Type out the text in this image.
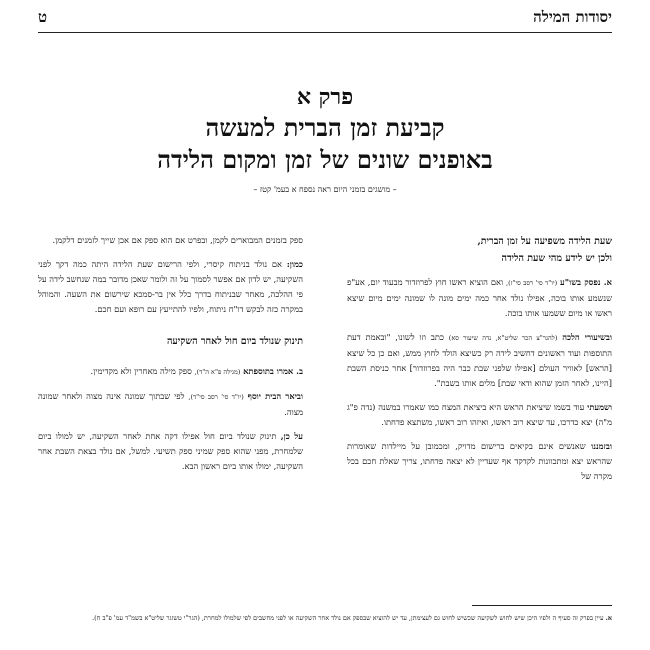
יסודות המילה
ט
פרק א
קביעת זמן הברית למעשה
באופנים שונים של זמן ומקום הלידה
– מושגים בזמני היום ראה נספח א בעמ' קטז –
שעת הלידה משפיעה על זמן הברית,
ולכן יש לידע מהי שעת הלידה

א. נפסק בשו"ע (יו"ד סי' רסב סי"ז), ואם הוציא ראשו חוץ לפרוזדור מבעוד יום, אע"פ שנשמע אותו בוכה, אפילו נולד אחר כמה ימים מונה לו שמונה ימים מיום שיצא ראשו או מיום ששמעו אותו בוכה.

ובשיעורי הלכה (להגר"צ הכר שליט"א, נדה שיעור סא) כתב וזו לשונו, "ובאמת דעת התוספות ועוד ראשונים דחשיב לידה רק כשיצא הולד לחוץ ממש, ואם כן כל שיצא [הראש] לאוויר העולם [אפילו שלפני שבת כבר היה בפרוזדור] אחר כניסת השבת [היינו, לאחר הזמן שהוא ודאי שבת] מלים אותו בשבת".

ושמעתי עוד בשמו שיציאת הראש היא ביציאת המצח כמו שאמרו במשנה (נדה פ"ג מ"ה) יצא כדרכו, עד שיצא רוב ראשו, ואיזהו רוב ראשו, משתצא פדחתו.

ובזמננו שאנשים אינם בקיאים ברישום מדויק, ומכמובן על מיילדות שאומרות שהראש יצא ומתכוונות לקדקד אף שעדיין לא יצאה פדחתו, צריך שאלת חכם בכל מקרה של

ספק בזמנים המבוארים לקמן, ובפרט אם הוא ספק אם אכן שייך לזמנים דלקמן.

כמון: אם נולד בניתוח קיסרי, ולפי הרישום שעת הלידה היתה כמה דקך לפני השקיעה, יש לדון אם אפשר לסמוך על זה ולומר שאכן מדובר במה שנחשב לידה על פי ההלכה, מאחר שבניתוח בדרך כלל אין בר-סמכא שירשום את השעה. והמוהל במקרה כזה לבקש דו"ח ניתוח, ולפיו להתייעץ עם רופא ועם חכם.

תינוק שנולד ביום חול לאחר השקיעה

ב. אמרו בתוספתא (מגילה פ"א ה"ד), ספק מילה מאחרין ולא מקדימין.

וביאר הבית יוסף (יו"ד סי' רסב סי"ד), לפי שבתוך שמונה אינה מצוה ולאחר שמונה מצוה.

על כן, תינוק שנולד ביום חול אפילו דקה אחת לאחר השקיעה, יש למולו ביום שלמחרת, מפני שהוא ספק שמיני ספק תשיעי. למשל, אם נולד בצאת השבת אחר השקיעה, ימולו אותו ביום ראשון הבא.

א. עיין בפרק זה סעיף ה ולפיו היכן שיש לחוש לשקיעה שכשיש לחוש גם לעצימתן, עד יש להוציא שבספק אם נולד אחר השקיעה או לפני מחשבים לפי שלמולו למחרת, (הגר"י טשזגר שליט"א בשמ"ד עמ' פ"ב ח).
